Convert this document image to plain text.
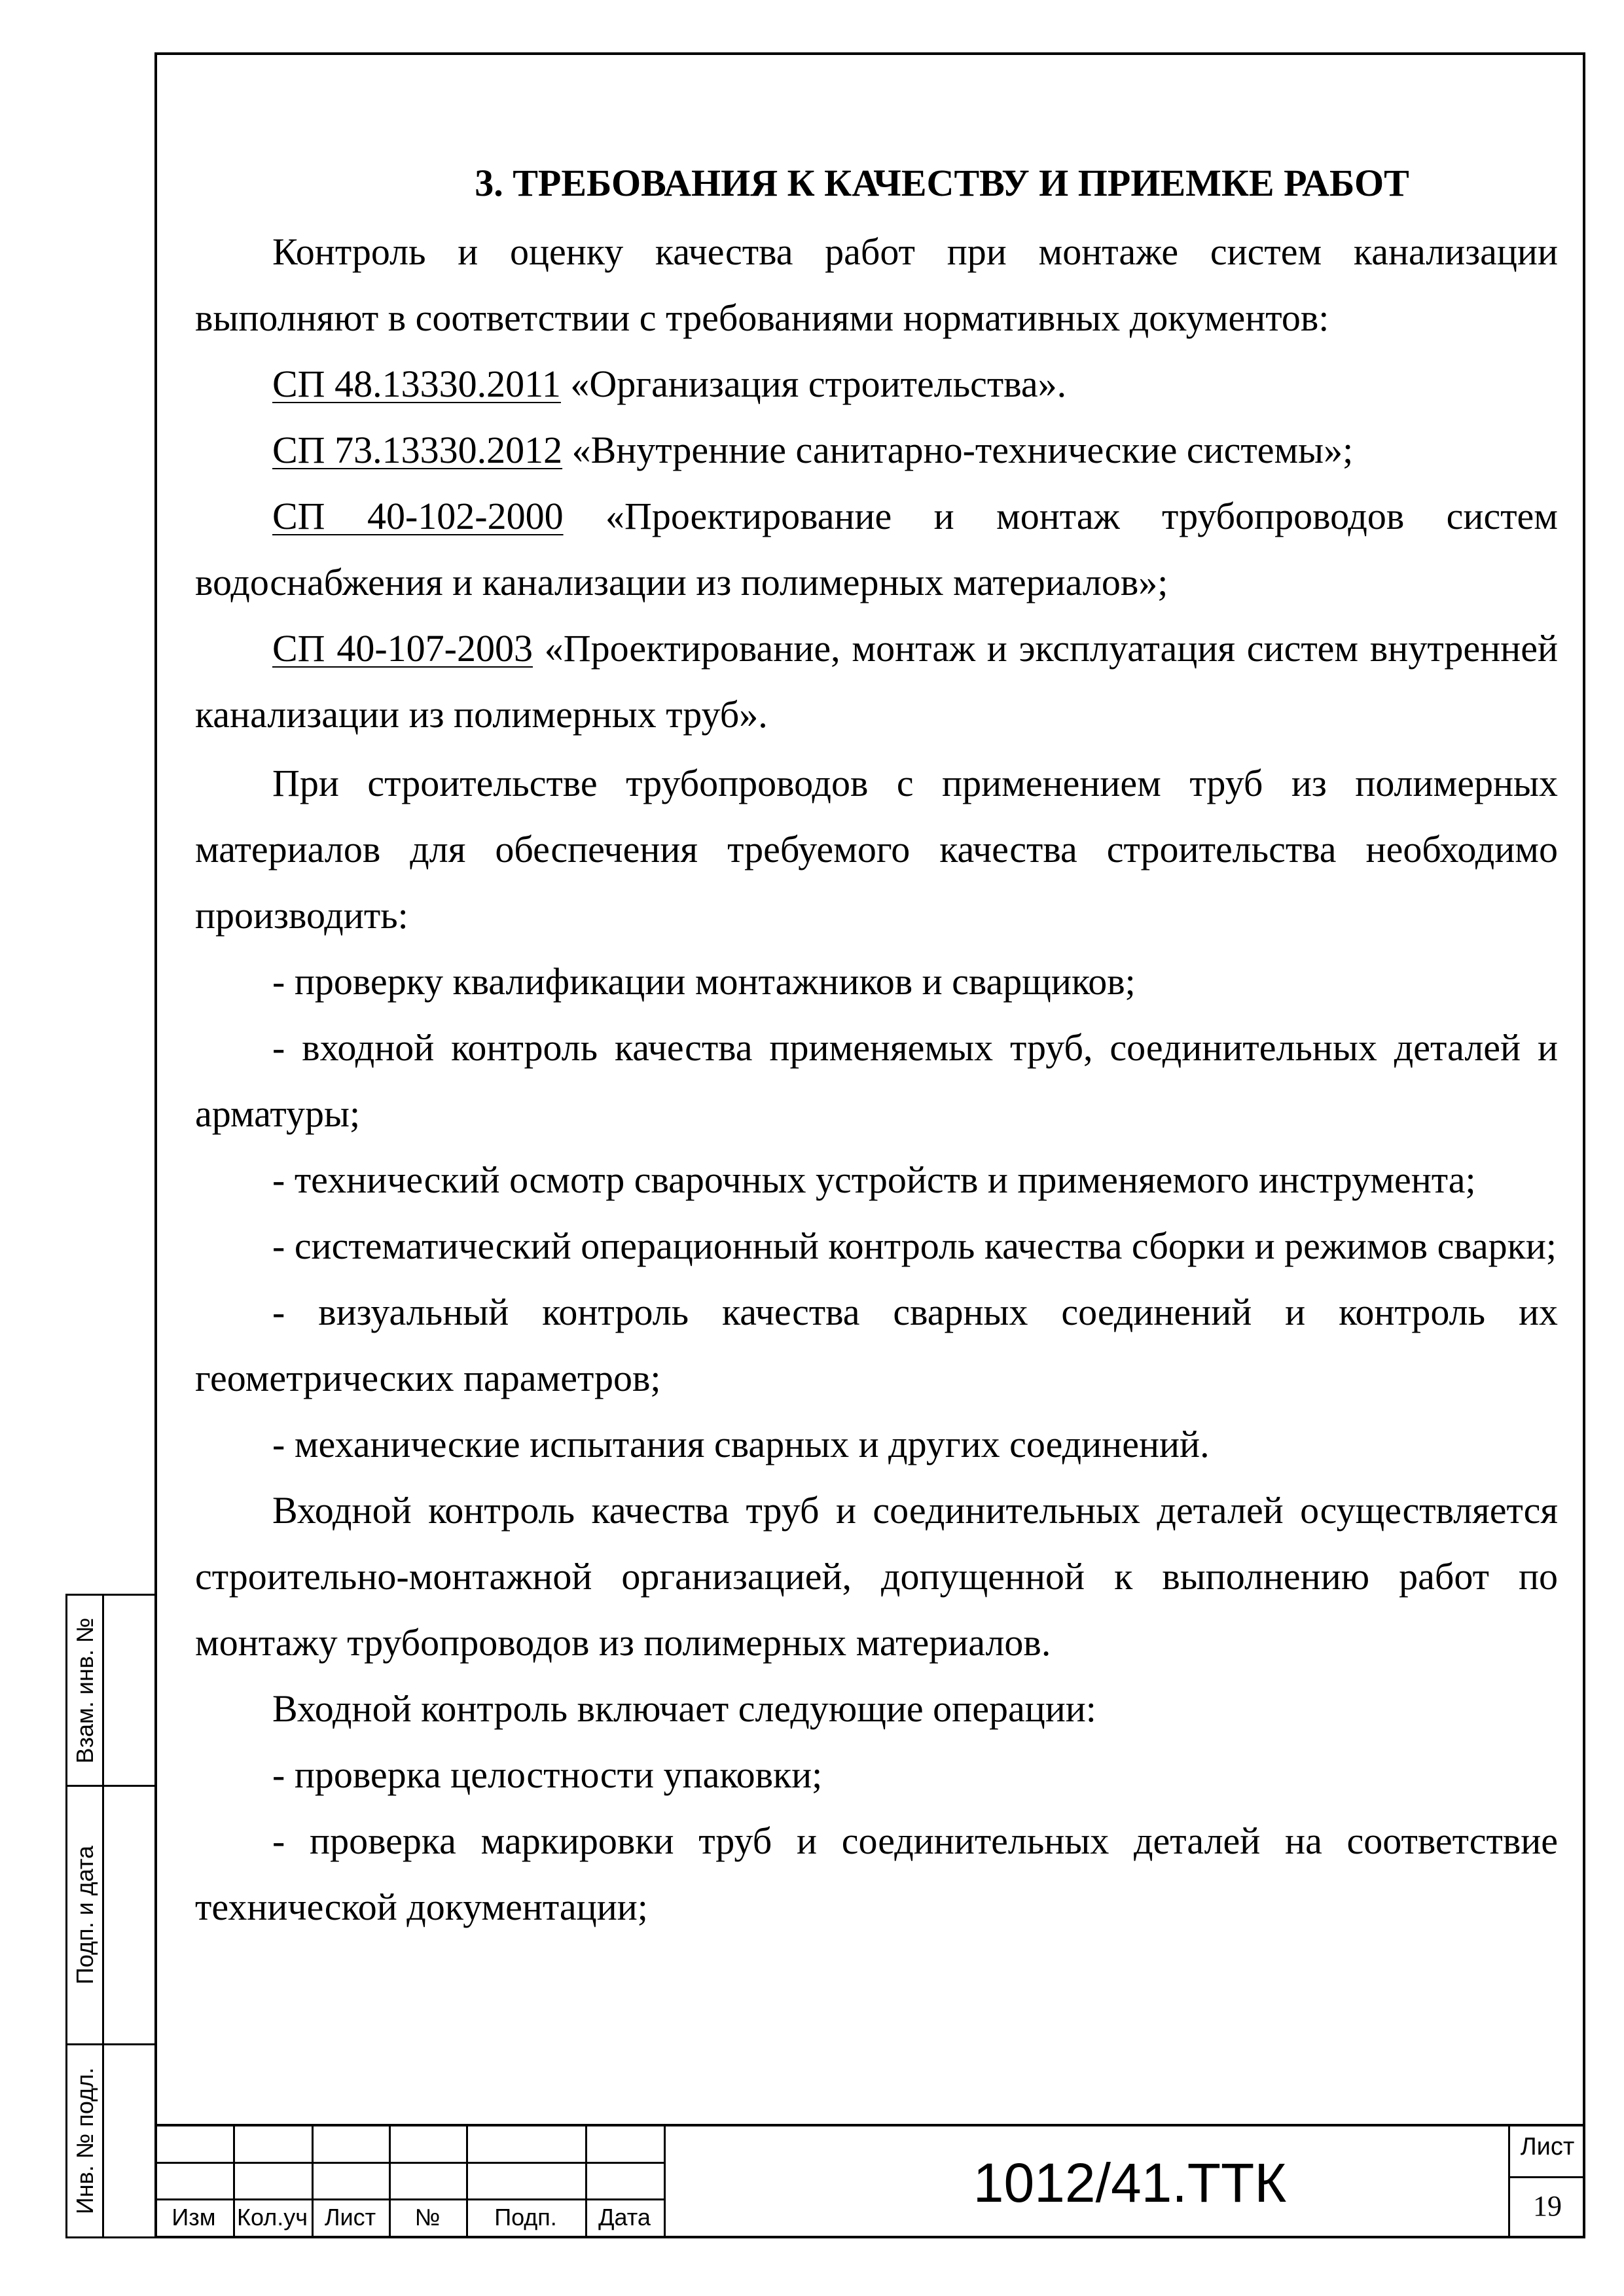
3. ТРЕБОВАНИЯ К КАЧЕСТВУ И ПРИЕМКЕ РАБОТ

Контроль и оценку качества работ при монтаже систем канализации выполняют в соответствии с требованиями нормативных документов:

СП 48.13330.2011 «Организация строительства».

СП 73.13330.2012 «Внутренние санитарно-технические системы»;

СП 40-102-2000 «Проектирование и монтаж трубопроводов систем водоснабжения и канализации из полимерных материалов»;

СП 40-107-2003 «Проектирование, монтаж и эксплуатация систем внутренней канализации из полимерных труб».

При строительстве трубопроводов с применением труб из полимерных материалов для обеспечения требуемого качества строительства необходимо производить:

- проверку квалификации монтажников и сварщиков;

- входной контроль качества применяемых труб, соединительных деталей и арматуры;

- технический осмотр сварочных устройств и применяемого инструмента;

- систематический операционный контроль качества сборки и режимов сварки;

- визуальный контроль качества сварных соединений и контроль их геометрических параметров;

- механические испытания сварных и других соединений.

Входной контроль качества труб и соединительных деталей осуществляется строительно-монтажной организацией, допущенной к выполнению работ по монтажу трубопроводов из полимерных материалов.

Входной контроль включает следующие операции:

- проверка целостности упаковки;

- проверка маркировки труб и соединительных деталей на соответствие технической документации;

Взам. инв. №
Подп. и дата
Инв. № подл.
Изм Кол.уч Лист	№	Подп.	Дата
1012/41.ТТК
Лист
19
